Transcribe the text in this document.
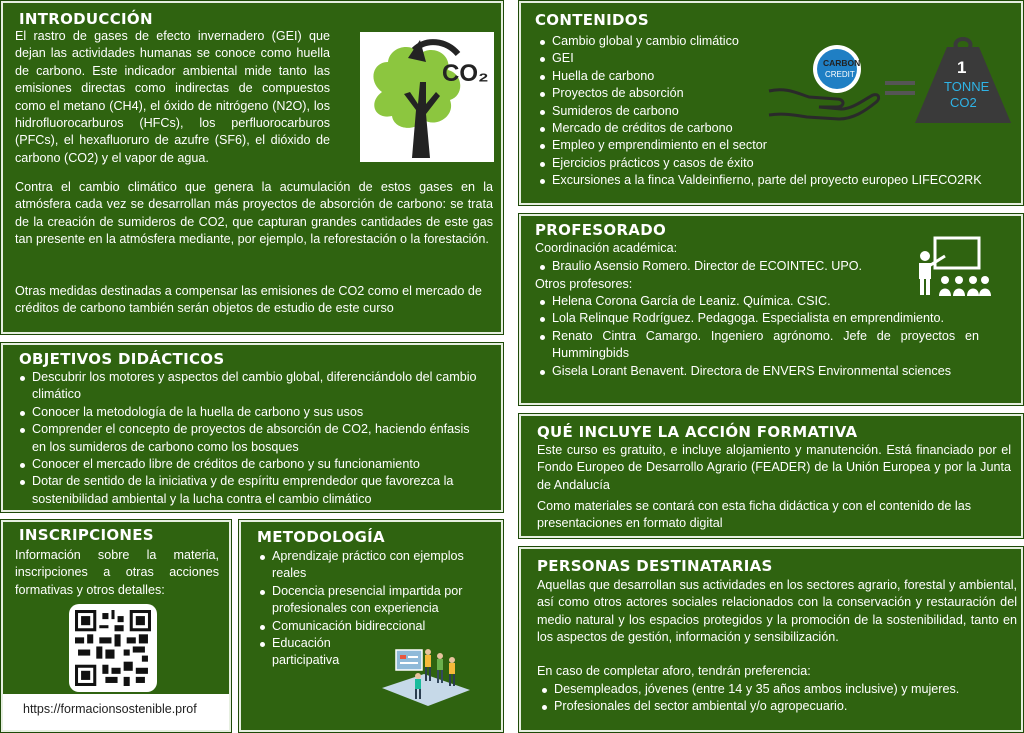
INTRODUCCIÓN

El rastro de gases de efecto invernadero (GEI) que dejan las actividades humanas se conoce como huella de carbono. Este indicador ambiental mide tanto las emisiones directas como indirectas de compuestos como el metano (CH4), el óxido de nitrógeno (N2O), los hidrofluorocarburos (HFCs), los perfluorocarburos (PFCs), el hexafluoruro de azufre (SF6), el dióxido de carbono (CO2) y el vapor de agua.

CO₂

Contra el cambio climático que genera la acumulación de estos gases en la atmósfera cada vez se desarrollan más proyectos de absorción de carbono: se trata de la creación de sumideros de CO2, que capturan grandes cantidades de este gas tan presente en la atmósfera mediante, por ejemplo, la reforestación o la forestación.

Otras medidas destinadas a compensar las emisiones de CO2 como el mercado de créditos de carbono también serán objetos de estudio de este curso

OBJETIVOS DIDÁCTICOS
Descubrir los motores y aspectos del cambio global, diferenciándolo del cambio climático
Conocer la metodología de la huella de carbono y sus usos
Comprender el concepto de proyectos de absorción de CO2, haciendo énfasis en los sumideros de carbono como los bosques
Conocer el mercado libre de créditos de carbono y su funcionamiento
Dotar de sentido de la iniciativa y de espíritu emprendedor que favorezca la sostenibilidad ambiental y la lucha contra el cambio climático
INSCRIPCIONES

Información sobre la materia, inscripciones a otras acciones formativas y otros detalles:

https://formacionsostenible.prof
METODOLOGÍA
Aprendizaje práctico con ejemplos reales
Docencia presencial impartida por profesionales con experiencia
Comunicación bidireccional
Educación participativa
CONTENIDOS
Cambio global y cambio climático
GEI
Huella de carbono
Proyectos de absorción
Sumideros de carbono
Mercado de créditos de carbono
Empleo y emprendimiento en el sector
Ejercicios prácticos y casos de éxito
Excursiones a la finca Valdeinfierno, parte del proyecto europeo LIFECO2RK
CARBON
CREDIT	1
TONNE
CO2
PROFESORADO

Coordinación académica:

Braulio Asensio Romero. Director de ECOINTEC. UPO.

Otros profesores:

Helena Corona García de Leaniz. Química. CSIC.
Lola Relinque Rodríguez. Pedagoga. Especialista en emprendimiento.
Renato Cintra Camargo. Ingeniero agrónomo. Jefe de proyectos en Hummingbids
Gisela Lorant Benavent. Directora de ENVERS Environmental sciences
QUÉ INCLUYE LA ACCIÓN FORMATIVA

Este curso es gratuito, e incluye alojamiento y manutención. Está financiado por el Fondo Europeo de Desarrollo Agrario (FEADER) de la Unión Europea y por la Junta de Andalucía

Como materiales se contará con esta ficha didáctica y con el contenido de las presentaciones en formato digital

PERSONAS DESTINATARIAS

Aquellas que desarrollan sus actividades en los sectores agrario, forestal y ambiental, así como otros actores sociales relacionados con la conservación y restauración del medio natural y los espacios protegidos y la promoción de la sostenibilidad, tanto en los aspectos de gestión, información y sensibilización.

En caso de completar aforo, tendrán preferencia:

Desempleados, jóvenes (entre 14 y 35 años ambos inclusive) y mujeres.
Profesionales del sector ambiental y/o agropecuario.
